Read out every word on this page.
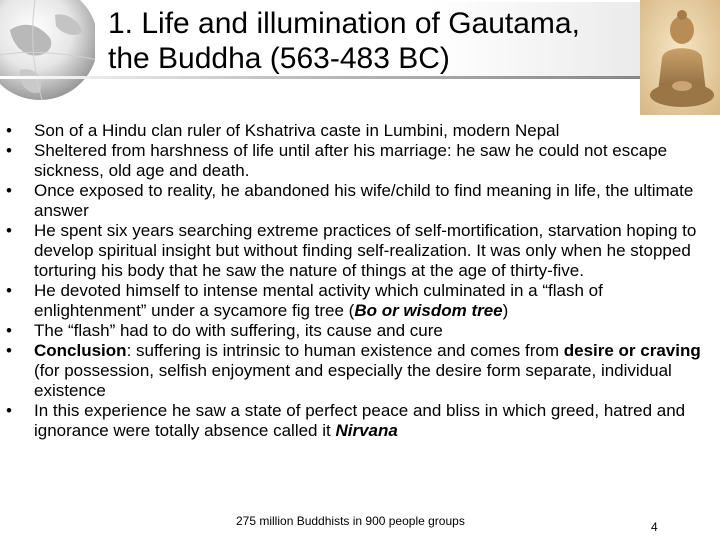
1. Life and illumination of Gautama,
the Buddha (563-483 BC)
• Son of a Hindu clan ruler of Kshatriva caste in Lumbini, modern Nepal
• Sheltered from harshness of life until after his marriage: he saw he could not escape sickness, old age and death.
• Once exposed to reality, he abandoned his wife/child to find meaning in life, the ultimate answer
• He spent six years searching extreme practices of self-mortification, starvation hoping to develop spiritual insight but without finding self-realization. It was only when he stopped torturing his body that he saw the nature of things at the age of thirty-five.
• He devoted himself to intense mental activity which culminated in a “flash of enlightenment” under a sycamore fig tree (Bo or wisdom tree)
• The “flash” had to do with suffering, its cause and cure
• Conclusion: suffering is intrinsic to human existence and comes from desire or craving (for possession, selfish enjoyment and especially the desire form separate, individual existence
• In this experience he saw a state of perfect peace and bliss in which greed, hatred and ignorance were totally absence called it Nirvana
275 million Buddhists in 900 people groups	4
